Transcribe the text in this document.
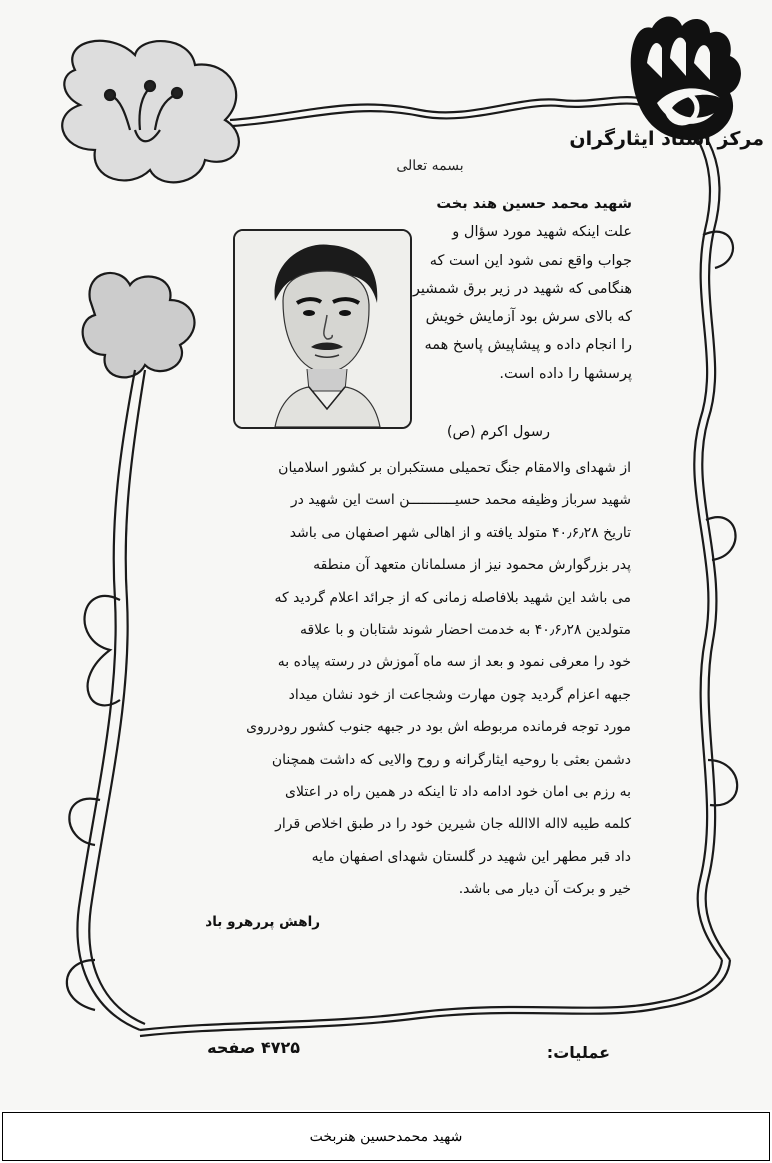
مرکز اسناد ایثارگران
بسمه تعالی
شهید محمد حسین هند بخت
علت اینکه شهید مورد سؤال و
جواب واقع نمی شود این است که
هنگامی که شهید در زیر برق شمشیر
که بالای سرش بود آزمایش خویش
را انجام داده و پیشاپیش پاسخ همه
پرسشها را داده است.
رسول اکرم (ص)
از شهدای والامقام جنگ تحمیلی مستکبران بر کشور اسلامیان
شهید سرباز وظیفه محمد حسیـــــــــــن است این شهید در
تاریخ ۴۰٫۶٫۲۸ متولد یافته و از اهالی شهر اصفهان می باشد
پدر بزرگوارش محمود نیز از مسلمانان متعهد آن منطقه
می باشد این شهید بلافاصله زمانی که از جرائد اعلام گردید که
متولدین ۴۰٫۶٫۲۸ به خدمت احضار شوند شتابان و با علاقه
خود را معرفی نمود و بعد از سه ماه آموزش در رسته پیاده به
جبهه اعزام گردید چون مهارت وشجاعت از خود نشان میداد
مورد توجه فرمانده مربوطه اش بود در جبهه جنوب کشور رودرروی
دشمن بعثی با روحیه ایثارگرانه و روح والایی که داشت همچنان
به رزم بی امان خود ادامه داد تا اینکه در همین راه در اعتلای
کلمه طیبه لااله الاالله جان شیرین خود را در طبق اخلاص قرار
داد قبر مطهر این شهید در گلستان شهدای اصفهان مایه
خیر و برکت آن دیار می باشد.
راهش پررهرو باد
۴۷۲۵ صفحه	عملیات:
شهید محمدحسین هنربخت
